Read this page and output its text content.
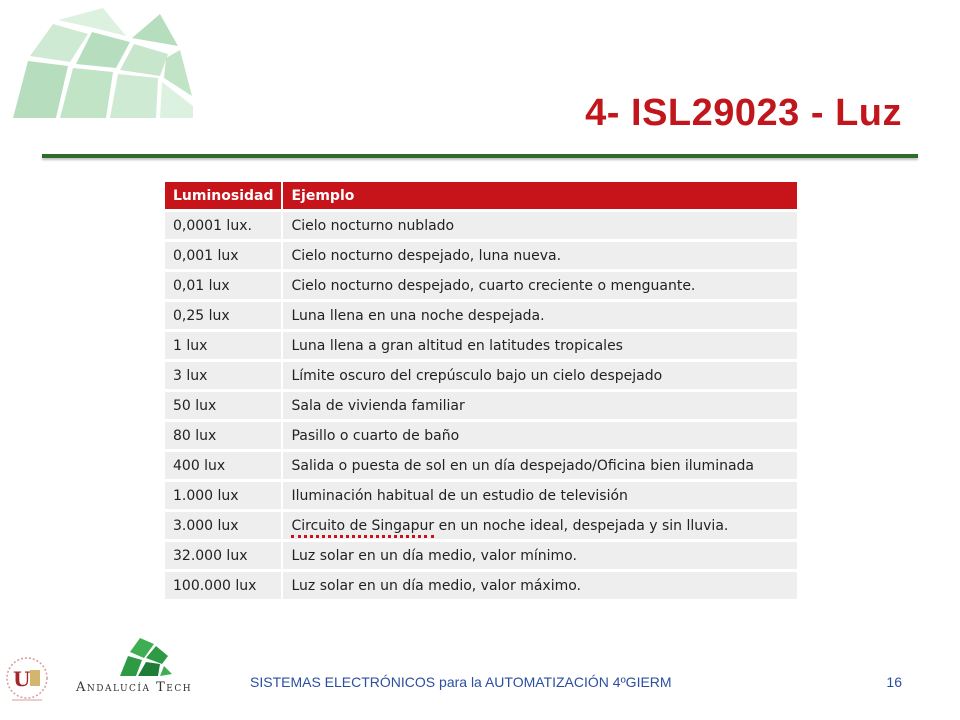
4- ISL29023 - Luz
Luminosidad	Ejemplo
0,0001 lux.	Cielo nocturno nublado
0,001 lux	Cielo nocturno despejado, luna nueva.
0,01 lux	Cielo nocturno despejado, cuarto creciente o menguante.
0,25 lux	Luna llena en una noche despejada.
1 lux	Luna llena a gran altitud en latitudes tropicales
3 lux	Límite oscuro del crepúsculo bajo un cielo despejado
50 lux	Sala de vivienda familiar
80 lux	Pasillo o cuarto de baño
400 lux	Salida o puesta de sol en un día despejado/Oficina bien iluminada
1.000 lux	Iluminación habitual de un estudio de televisión
3.000 lux	Circuito de Singapur en un noche ideal, despejada y sin lluvia.
32.000 lux	Luz solar en un día medio, valor mínimo.
100.000 lux	Luz solar en un día medio, valor máximo.
U	Andalucía Tech	SISTEMAS ELECTRÓNICOS para la AUTOMATIZACIÓN 4ºGIERM	16
